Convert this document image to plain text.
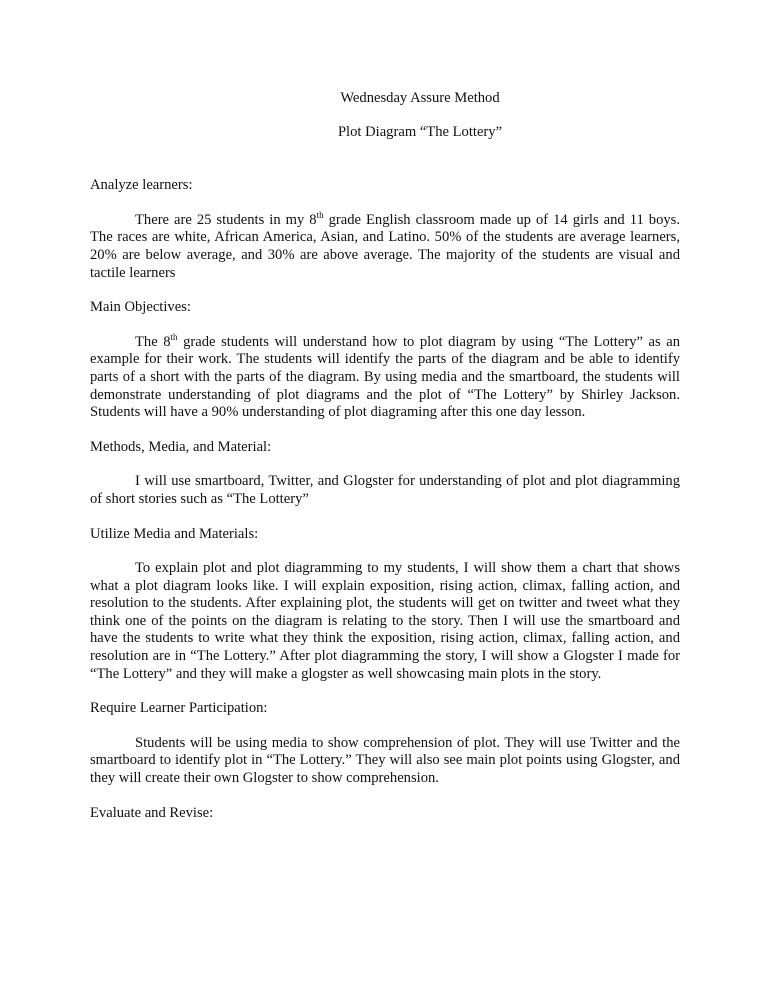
Wednesday Assure Method

Plot Diagram “The Lottery”

Analyze learners:

There are 25 students in my 8th grade English classroom made up of 14 girls and 11 boys. The races are white, African America, Asian, and Latino. 50% of the students are average learners, 20% are below average, and 30% are above average. The majority of the students are visual and tactile learners

Main Objectives:

The 8th grade students will understand how to plot diagram by using “The Lottery” as an example for their work. The students will identify the parts of the diagram and be able to identify parts of a short with the parts of the diagram. By using media and the smartboard, the students will demonstrate understanding of plot diagrams and the plot of “The Lottery” by Shirley Jackson. Students will have a 90% understanding of plot diagraming after this one day lesson.

Methods, Media, and Material:

I will use smartboard, Twitter, and Glogster for understanding of plot and plot diagramming of short stories such as “The Lottery”

Utilize Media and Materials:

To explain plot and plot diagramming to my students, I will show them a chart that shows what a plot diagram looks like. I will explain exposition, rising action, climax, falling action, and resolution to the students. After explaining plot, the students will get on twitter and tweet what they think one of the points on the diagram is relating to the story. Then I will use the smartboard and have the students to write what they think the exposition, rising action, climax, falling action, and resolution are in “The Lottery.” After plot diagramming the story, I will show a Glogster I made for “The Lottery” and they will make a glogster as well showcasing main plots in the story.

Require Learner Participation:

Students will be using media to show comprehension of plot. They will use Twitter and the smartboard to identify plot in “The Lottery.” They will also see main plot points using Glogster, and they will create their own Glogster to show comprehension.

Evaluate and Revise:
